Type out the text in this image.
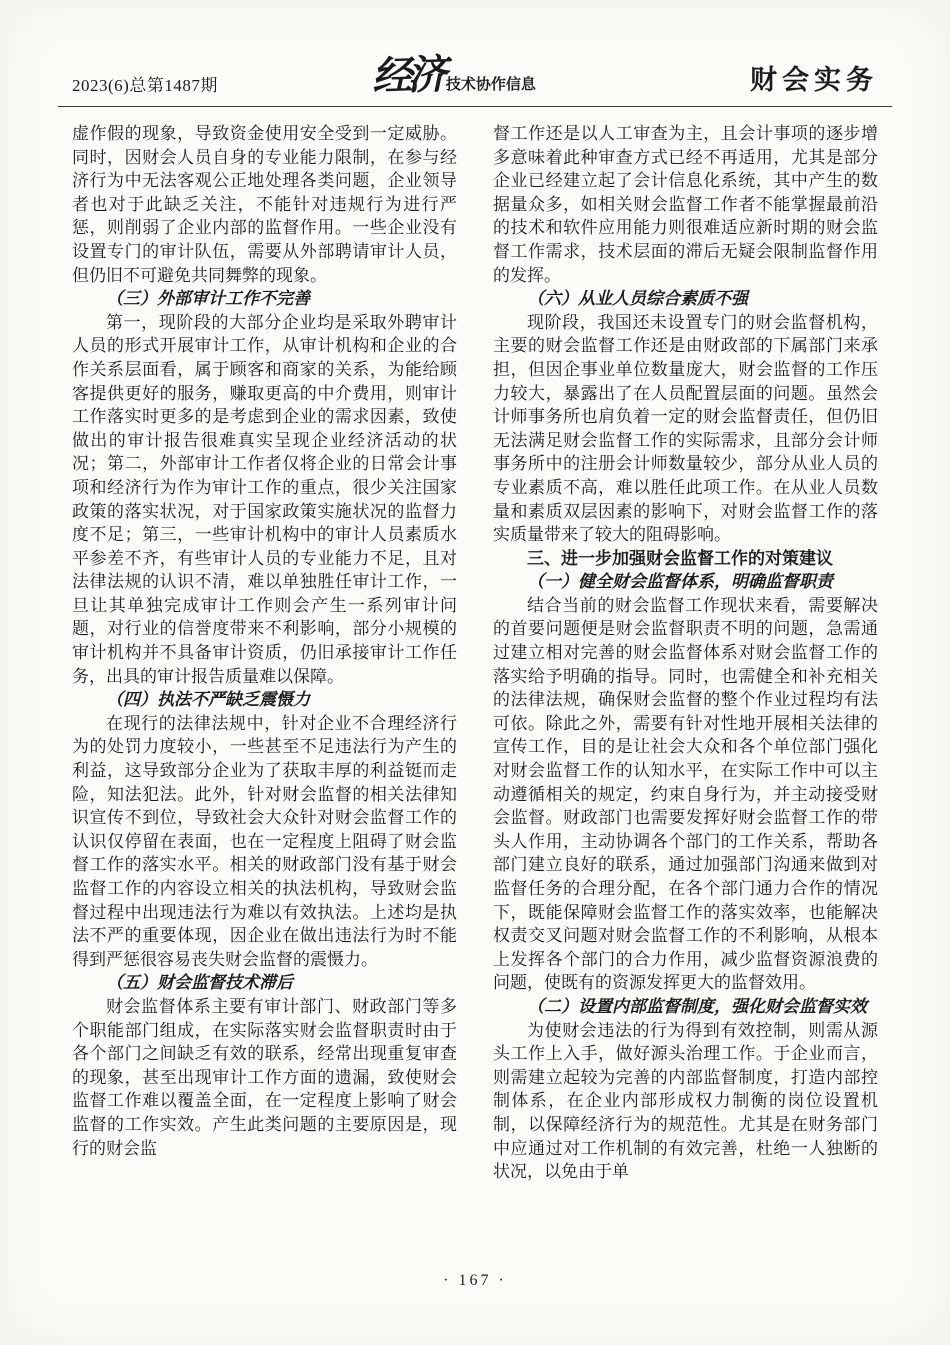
2023(6)总第1487期	经济 技术协作信息	财会实务

虚作假的现象，导致资金使用安全受到一定威胁。同时，因财会人员自身的专业能力限制，在参与经济行为中无法客观公正地处理各类问题，企业领导者也对于此缺乏关注，不能针对违规行为进行严惩，则削弱了企业内部的监督作用。一些企业没有设置专门的审计队伍，需要从外部聘请审计人员，但仍旧不可避免共同舞弊的现象。

（三）外部审计工作不完善

第一，现阶段的大部分企业均是采取外聘审计人员的形式开展审计工作，从审计机构和企业的合作关系层面看，属于顾客和商家的关系，为能给顾客提供更好的服务，赚取更高的中介费用，则审计工作落实时更多的是考虑到企业的需求因素，致使做出的审计报告很难真实呈现企业经济活动的状况；第二，外部审计工作者仅将企业的日常会计事项和经济行为作为审计工作的重点，很少关注国家政策的落实状况，对于国家政策实施状况的监督力度不足；第三，一些审计机构中的审计人员素质水平参差不齐，有些审计人员的专业能力不足，且对法律法规的认识不清，难以单独胜任审计工作，一旦让其单独完成审计工作则会产生一系列审计问题，对行业的信誉度带来不利影响，部分小规模的审计机构并不具备审计资质，仍旧承接审计工作任务，出具的审计报告质量难以保障。

（四）执法不严缺乏震慑力

在现行的法律法规中，针对企业不合理经济行为的处罚力度较小，一些甚至不足违法行为产生的利益，这导致部分企业为了获取丰厚的利益铤而走险，知法犯法。此外，针对财会监督的相关法律知识宣传不到位，导致社会大众针对财会监督工作的认识仅停留在表面，也在一定程度上阻碍了财会监督工作的落实水平。相关的财政部门没有基于财会监督工作的内容设立相关的执法机构，导致财会监督过程中出现违法行为难以有效执法。上述均是执法不严的重要体现，因企业在做出违法行为时不能得到严惩很容易丧失财会监督的震慑力。

（五）财会监督技术滞后

财会监督体系主要有审计部门、财政部门等多个职能部门组成，在实际落实财会监督职责时由于各个部门之间缺乏有效的联系，经常出现重复审查的现象，甚至出现审计工作方面的遗漏，致使财会监督工作难以覆盖全面，在一定程度上影响了财会监督的工作实效。产生此类问题的主要原因是，现行的财会监

督工作还是以人工审查为主，且会计事项的逐步增多意味着此种审查方式已经不再适用，尤其是部分企业已经建立起了会计信息化系统，其中产生的数据量众多，如相关财会监督工作者不能掌握最前沿的技术和软件应用能力则很难适应新时期的财会监督工作需求，技术层面的滞后无疑会限制监督作用的发挥。

（六）从业人员综合素质不强

现阶段，我国还未设置专门的财会监督机构，主要的财会监督工作还是由财政部的下属部门来承担，但因企事业单位数量庞大，财会监督的工作压力较大，暴露出了在人员配置层面的问题。虽然会计师事务所也肩负着一定的财会监督责任，但仍旧无法满足财会监督工作的实际需求，且部分会计师事务所中的注册会计师数量较少，部分从业人员的专业素质不高，难以胜任此项工作。在从业人员数量和素质双层因素的影响下，对财会监督工作的落实质量带来了较大的阻碍影响。

三、进一步加强财会监督工作的对策建议

（一）健全财会监督体系，明确监督职责

结合当前的财会监督工作现状来看，需要解决的首要问题便是财会监督职责不明的问题，急需通过建立相对完善的财会监督体系对财会监督工作的落实给予明确的指导。同时，也需健全和补充相关的法律法规，确保财会监督的整个作业过程均有法可依。除此之外，需要有针对性地开展相关法律的宣传工作，目的是让社会大众和各个单位部门强化对财会监督工作的认知水平，在实际工作中可以主动遵循相关的规定，约束自身行为，并主动接受财会监督。财政部门也需要发挥好财会监督工作的带头人作用，主动协调各个部门的工作关系，帮助各部门建立良好的联系，通过加强部门沟通来做到对监督任务的合理分配，在各个部门通力合作的情况下，既能保障财会监督工作的落实效率，也能解决权责交叉问题对财会监督工作的不利影响，从根本上发挥各个部门的合力作用，减少监督资源浪费的问题，使既有的资源发挥更大的监督效用。

（二）设置内部监督制度，强化财会监督实效

为使财会违法的行为得到有效控制，则需从源头工作上入手，做好源头治理工作。于企业而言，则需建立起较为完善的内部监督制度，打造内部控制体系，在企业内部形成权力制衡的岗位设置机制，以保障经济行为的规范性。尤其是在财务部门中应通过对工作机制的有效完善，杜绝一人独断的状况，以免由于单

· 167 ·
